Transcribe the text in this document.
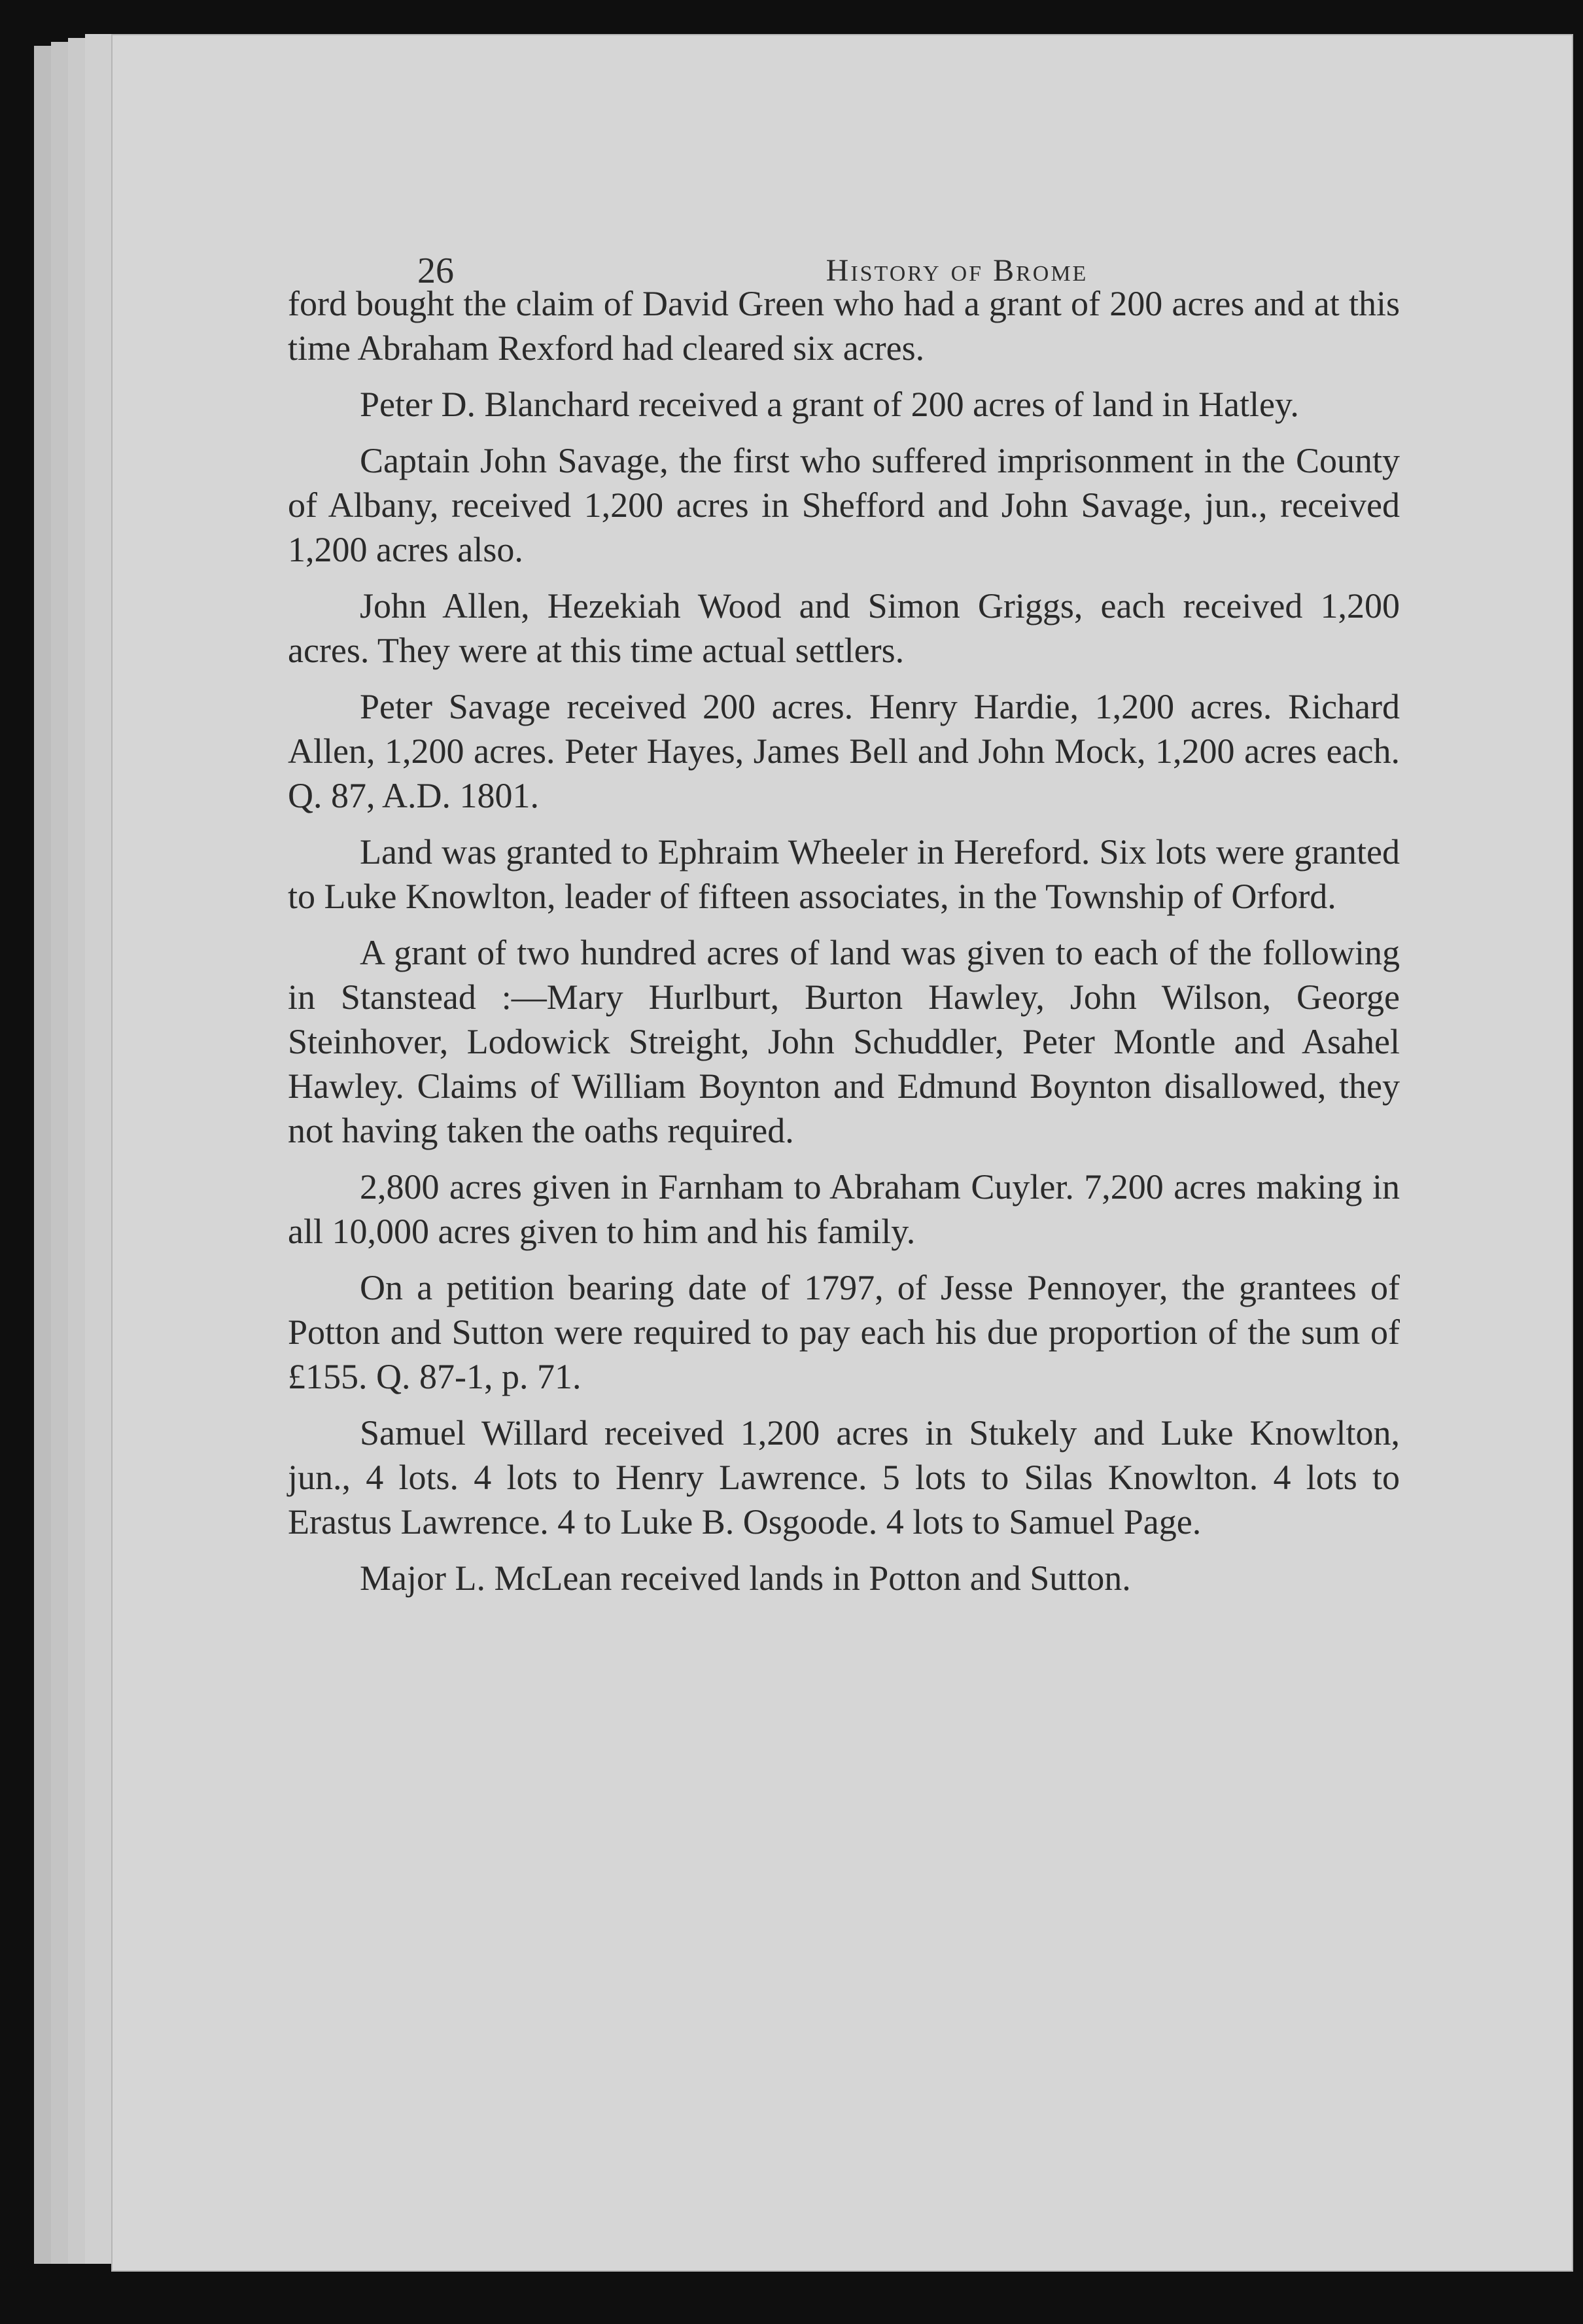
26	History of Brome

ford bought the claim of David Green who had a grant of 200 acres and at this time Abraham Rexford had cleared six acres.

Peter D. Blanchard received a grant of 200 acres of land in Hatley.

Captain John Savage, the first who suffered imprisonment in the County of Albany, received 1,200 acres in Shefford and John Savage, jun., received 1,200 acres also.

John Allen, Hezekiah Wood and Simon Griggs, each received 1,200 acres. They were at this time actual settlers.

Peter Savage received 200 acres. Henry Hardie, 1,200 acres. Richard Allen, 1,200 acres. Peter Hayes, James Bell and John Mock, 1,200 acres each. Q. 87, A.D. 1801.

Land was granted to Ephraim Wheeler in Hereford. Six lots were granted to Luke Knowlton, leader of fifteen associates, in the Township of Orford.

A grant of two hundred acres of land was given to each of the following in Stanstead :—Mary Hurlburt, Burton Hawley, John Wilson, George Steinhover, Lodowick Streight, John Schuddler, Peter Montle and Asahel Hawley. Claims of William Boynton and Edmund Boynton disallowed, they not having taken the oaths required.

2,800 acres given in Farnham to Abraham Cuyler. 7,200 acres making in all 10,000 acres given to him and his family.

On a petition bearing date of 1797, of Jesse Pennoyer, the grantees of Potton and Sutton were required to pay each his due proportion of the sum of £155. Q. 87-1, p. 71.

Samuel Willard received 1,200 acres in Stukely and Luke Knowlton, jun., 4 lots. 4 lots to Henry Lawrence. 5 lots to Silas Knowlton. 4 lots to Erastus Lawrence. 4 to Luke B. Osgoode. 4 lots to Samuel Page.

Major L. McLean received lands in Potton and Sutton.
